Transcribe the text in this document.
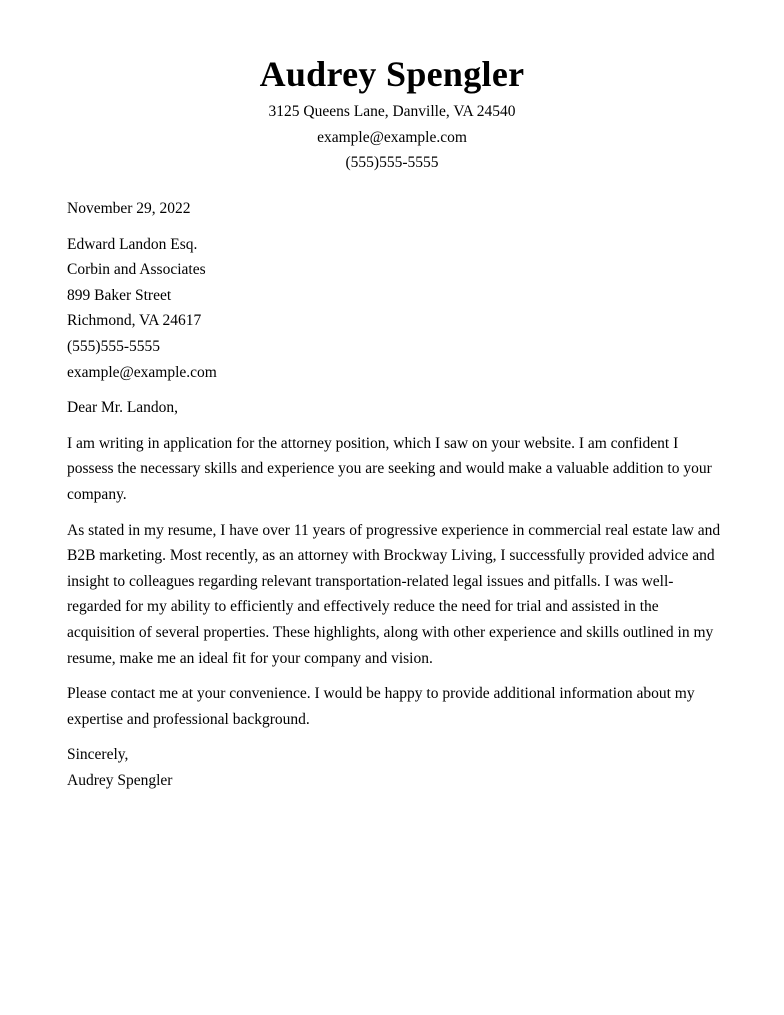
Audrey Spengler

3125 Queens Lane, Danville, VA 24540

example@example.com

(555)555-5555

November 29, 2022

Edward Landon Esq.
Corbin and Associates
899 Baker Street
Richmond, VA 24617
(555)555-5555
example@example.com

Dear Mr. Landon,

I am writing in application for the attorney position, which I saw on your website. I am confident I possess the necessary skills and experience you are seeking and would make a valuable addition to your company.

As stated in my resume, I have over 11 years of progressive experience in commercial real estate law and B2B marketing. Most recently, as an attorney with Brockway Living, I successfully provided advice and insight to colleagues regarding relevant transportation-related legal issues and pitfalls. I was well-regarded for my ability to efficiently and effectively reduce the need for trial and assisted in the acquisition of several properties. These highlights, along with other experience and skills outlined in my resume, make me an ideal fit for your company and vision.

Please contact me at your convenience. I would be happy to provide additional information about my expertise and professional background.

Sincerely,
Audrey Spengler
